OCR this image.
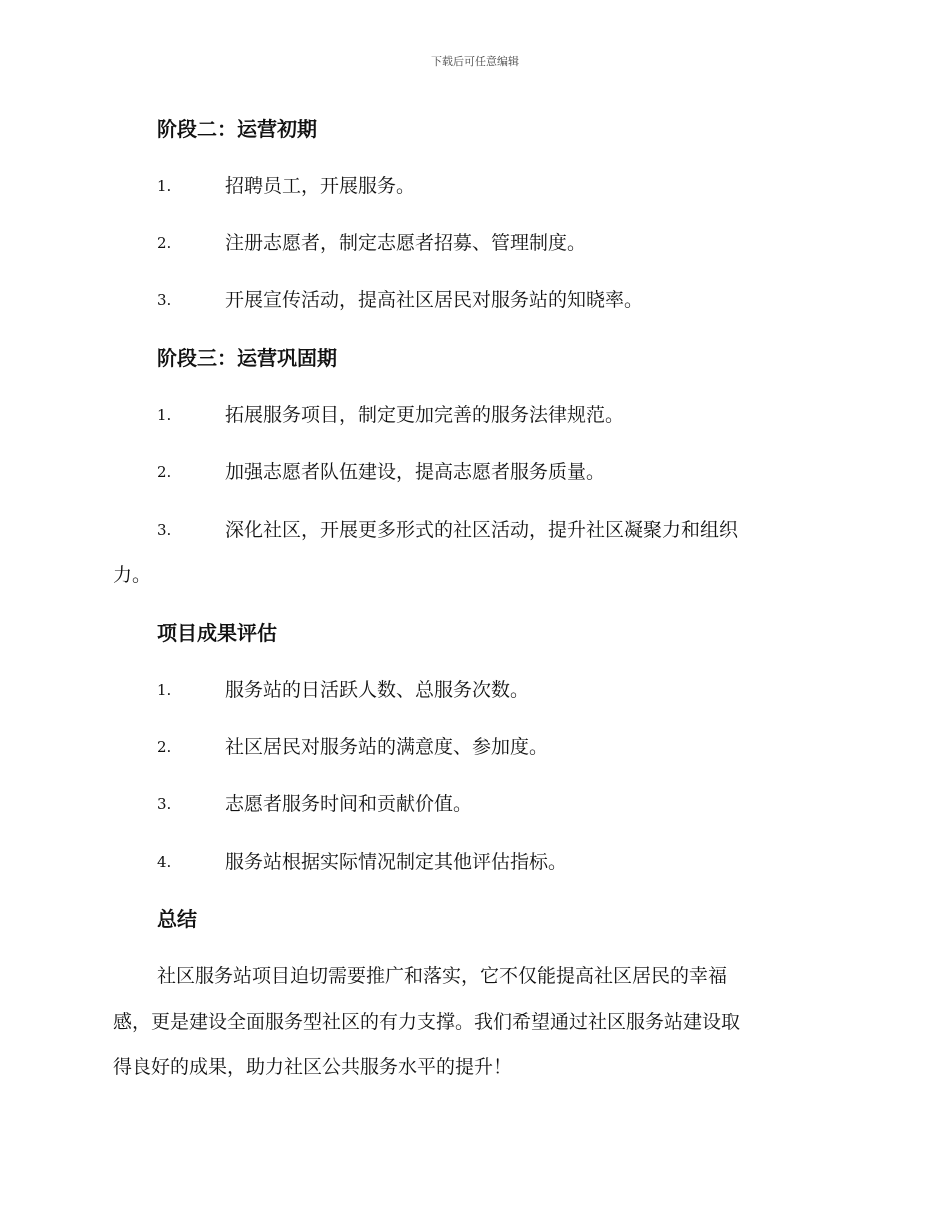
下载后可任意编辑
阶段二：运营初期
1.	招聘员工，开展服务。
2.	注册志愿者，制定志愿者招募、管理制度。
3.	开展宣传活动，提高社区居民对服务站的知晓率。
阶段三：运营巩固期
1.	拓展服务项目，制定更加完善的服务法律规范。
2.	加强志愿者队伍建设，提高志愿者服务质量。
3.	深化社区，开展更多形式的社区活动，提升社区凝聚力和组织
力。
项目成果评估
1.	服务站的日活跃人数、总服务次数。
2.	社区居民对服务站的满意度、参加度。
3.	志愿者服务时间和贡献价值。
4.	服务站根据实际情况制定其他评估指标。
总结
社区服务站项目迫切需要推广和落实，它不仅能提高社区居民的幸福
感，更是建设全面服务型社区的有力支撑。我们希望通过社区服务站建设取
得良好的成果，助力社区公共服务水平的提升！
